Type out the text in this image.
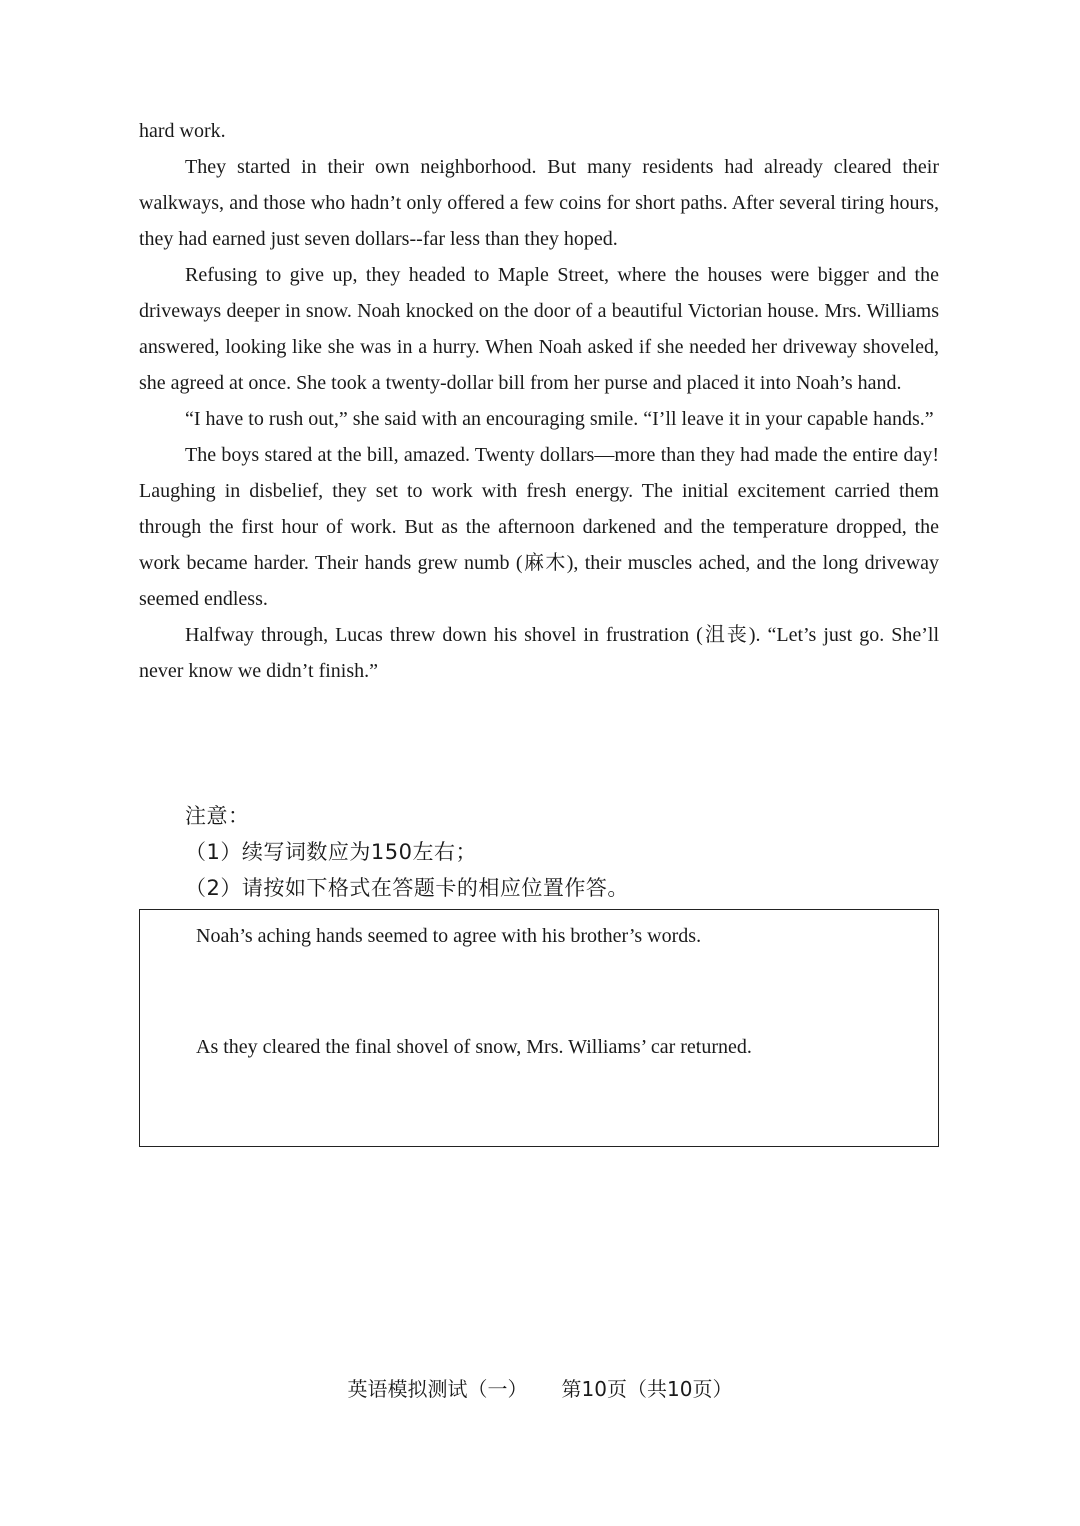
hard work.

They started in their own neighborhood. But many residents had already cleared their walkways, and those who hadn’t only offered a few coins for short paths. After several tiring hours, they had earned just seven dollars--far less than they hoped.

Refusing to give up, they headed to Maple Street, where the houses were bigger and the driveways deeper in snow. Noah knocked on the door of a beautiful Victorian house. Mrs. Williams answered, looking like she was in a hurry. When Noah asked if she needed her driveway shoveled, she agreed at once. She took a twenty-dollar bill from her purse and placed it into Noah’s hand.

“I have to rush out,” she said with an encouraging smile. “I’ll leave it in your capable hands.”

The boys stared at the bill, amazed. Twenty dollars—more than they had made the entire day! Laughing in disbelief, they set to work with fresh energy. The initial excitement carried them through the first hour of work. But as the afternoon darkened and the temperature dropped, the work became harder. Their hands grew numb (麻木), their muscles ached, and the long driveway seemed endless.

Halfway through, Lucas threw down his shovel in frustration (沮丧). “Let’s just go. She’ll never know we didn’t finish.”

注意：

（1）续写词数应为150左右；

（2）请按如下格式在答题卡的相应位置作答。

Noah’s aching hands seemed to agree with his brother’s words.

As they cleared the final shovel of snow, Mrs. Williams’ car returned.

英语模拟测试（一） 第10页（共10页）
